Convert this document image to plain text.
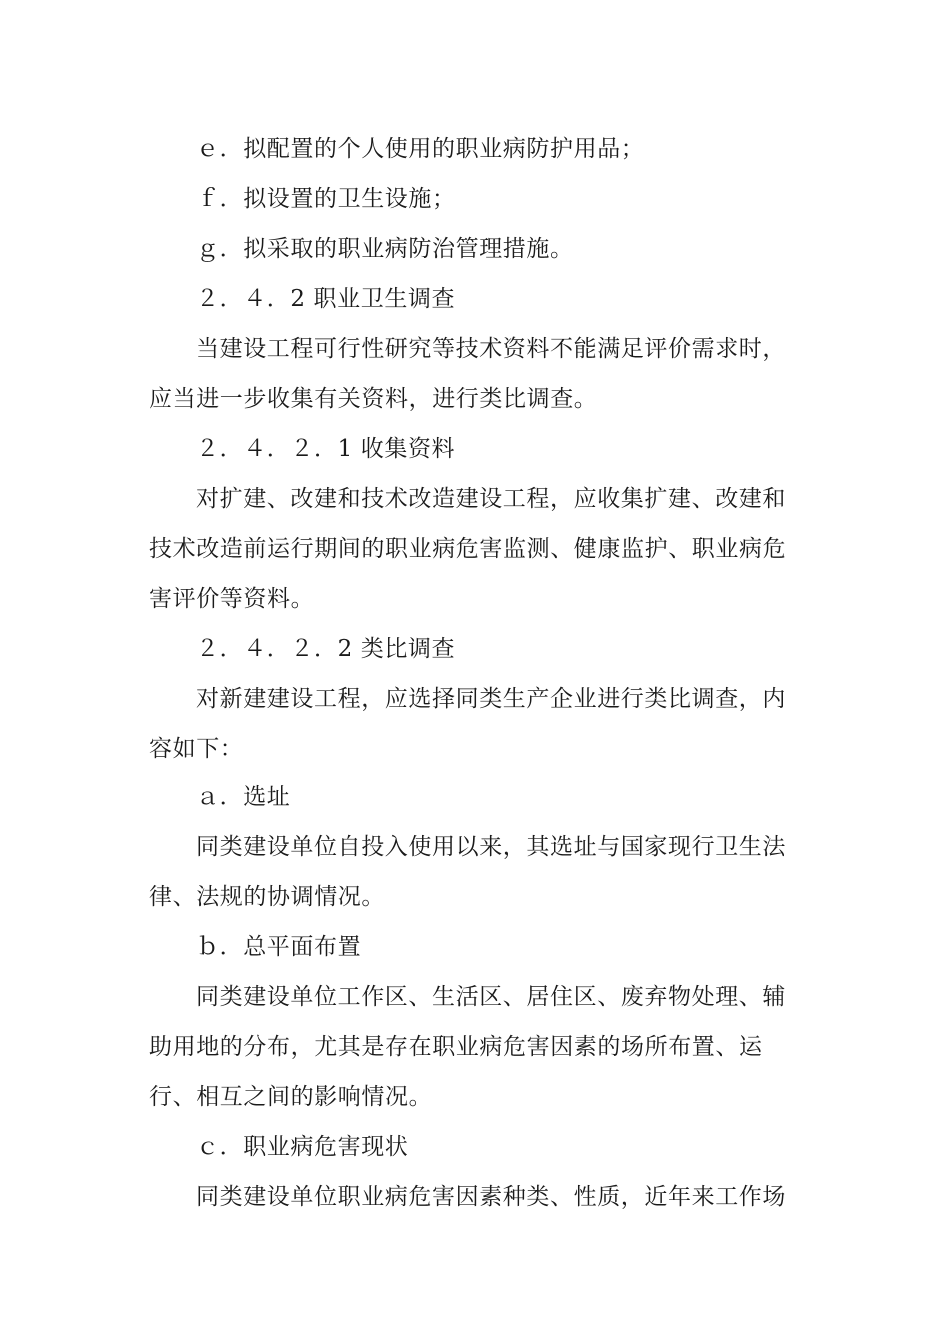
ｅ．拟配置的个人使用的职业病防护用品；
ｆ．拟设置的卫生设施；
ｇ．拟采取的职业病防治管理措施。
２．４．2 职业卫生调查
当建设工程可行性研究等技术资料不能满足评价需求时，
应当进一步收集有关资料，进行类比调查。
２．４．２．1 收集资料
对扩建、改建和技术改造建设工程，应收集扩建、改建和
技术改造前运行期间的职业病危害监测、健康监护、职业病危
害评价等资料。
２．４．２．2 类比调查
对新建建设工程，应选择同类生产企业进行类比调查，内
容如下：
ａ．选址
同类建设单位自投入使用以来，其选址与国家现行卫生法
律、法规的协调情况。
ｂ．总平面布置
同类建设单位工作区、生活区、居住区、废弃物处理、辅
助用地的分布，尤其是存在职业病危害因素的场所布置、运
行、相互之间的影响情况。
ｃ．职业病危害现状
同类建设单位职业病危害因素种类、性质，近年来工作场
